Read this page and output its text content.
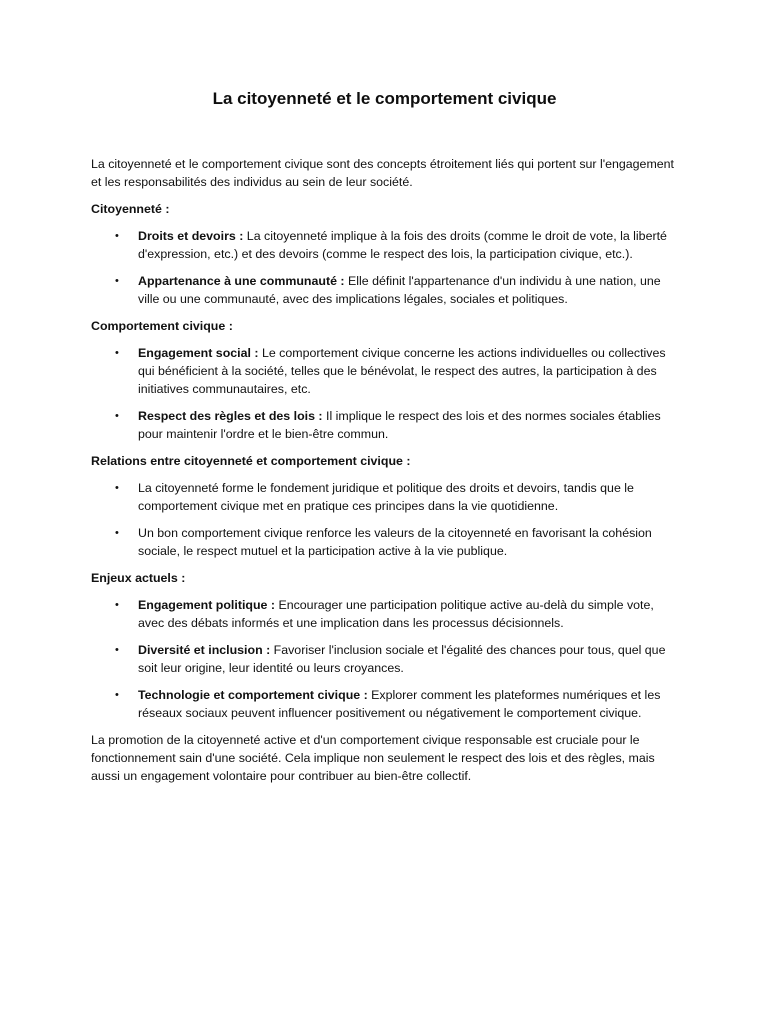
La citoyenneté et le comportement civique

La citoyenneté et le comportement civique sont des concepts étroitement liés qui portent sur l'engagement et les responsabilités des individus au sein de leur société.

Citoyenneté :

• Droits et devoirs : La citoyenneté implique à la fois des droits (comme le droit de vote, la liberté d'expression, etc.) et des devoirs (comme le respect des lois, la participation civique, etc.).
• Appartenance à une communauté : Elle définit l'appartenance d'un individu à une nation, une ville ou une communauté, avec des implications légales, sociales et politiques.

Comportement civique :

• Engagement social : Le comportement civique concerne les actions individuelles ou collectives qui bénéficient à la société, telles que le bénévolat, le respect des autres, la participation à des initiatives communautaires, etc.
• Respect des règles et des lois : Il implique le respect des lois et des normes sociales établies pour maintenir l'ordre et le bien-être commun.

Relations entre citoyenneté et comportement civique :

• La citoyenneté forme le fondement juridique et politique des droits et devoirs, tandis que le comportement civique met en pratique ces principes dans la vie quotidienne.
• Un bon comportement civique renforce les valeurs de la citoyenneté en favorisant la cohésion sociale, le respect mutuel et la participation active à la vie publique.

Enjeux actuels :

• Engagement politique : Encourager une participation politique active au-delà du simple vote, avec des débats informés et une implication dans les processus décisionnels.
• Diversité et inclusion : Favoriser l'inclusion sociale et l'égalité des chances pour tous, quel que soit leur origine, leur identité ou leurs croyances.
• Technologie et comportement civique : Explorer comment les plateformes numériques et les réseaux sociaux peuvent influencer positivement ou négativement le comportement civique.

La promotion de la citoyenneté active et d'un comportement civique responsable est cruciale pour le fonctionnement sain d'une société. Cela implique non seulement le respect des lois et des règles, mais aussi un engagement volontaire pour contribuer au bien-être collectif.
